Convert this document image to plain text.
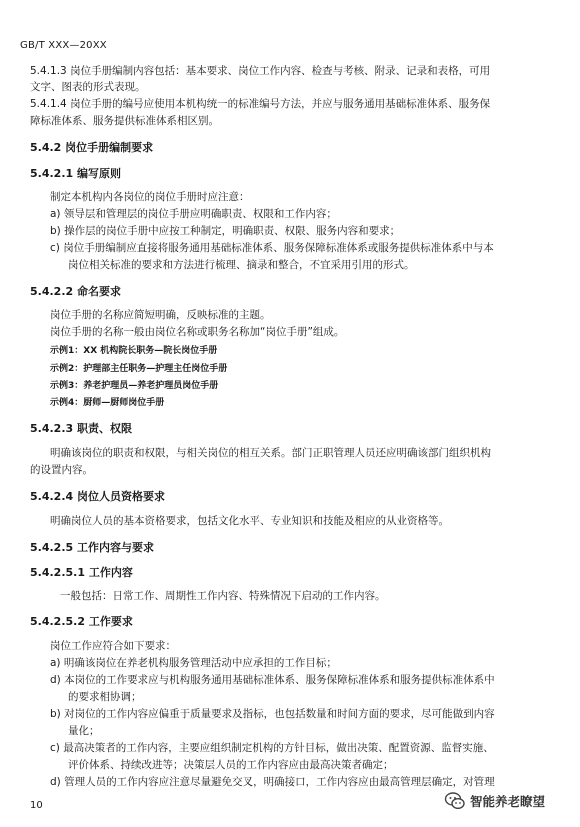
GB/T XXX—20XX
5.4.1.3 岗位手册编制内容包括：基本要求、岗位工作内容、检查与考核、附录、记录和表格，可用
文字、图表的形式表现。
5.4.1.4 岗位手册的编号应使用本机构统一的标准编号方法，并应与服务通用基础标准体系、服务保
障标准体系、服务提供标准体系相区别。
5.4.2 岗位手册编制要求
5.4.2.1 编写原则
制定本机构内各岗位的岗位手册时应注意：
a) 领导层和管理层的岗位手册应明确职责、权限和工作内容；
b) 操作层的岗位手册中应按工种制定，明确职责、权限、服务内容和要求；
c) 岗位手册编制应直接将服务通用基础标准体系、服务保障标准体系或服务提供标准体系中与本
岗位相关标准的要求和方法进行梳理、摘录和整合，不宜采用引用的形式。
5.4.2.2 命名要求
岗位手册的名称应简短明确，反映标准的主题。
岗位手册的名称一般由岗位名称或职务名称加“岗位手册”组成。
示例1：XX 机构院长职务—院长岗位手册
示例2：护理部主任职务—护理主任岗位手册
示例3：养老护理员—养老护理员岗位手册
示例4：厨师—厨师岗位手册
5.4.2.3 职责、权限
明确该岗位的职责和权限，与相关岗位的相互关系。部门正职管理人员还应明确该部门组织机构
的设置内容。
5.4.2.4 岗位人员资格要求
明确岗位人员的基本资格要求，包括文化水平、专业知识和技能及相应的从业资格等。
5.4.2.5 工作内容与要求
5.4.2.5.1 工作内容
一般包括：日常工作、周期性工作内容、特殊情况下启动的工作内容。
5.4.2.5.2 工作要求
岗位工作应符合如下要求：
a) 明确该岗位在养老机构服务管理活动中应承担的工作目标；
d) 本岗位的工作要求应与机构服务通用基础标准体系、服务保障标准体系和服务提供标准体系中
的要求相协调；
b) 对岗位的工作内容应偏重于质量要求及指标，也包括数量和时间方面的要求，尽可能做到内容
量化；
c) 最高决策者的工作内容，主要应组织制定机构的方针目标，做出决策、配置资源、监督实施、
评价体系、持续改进等；决策层人员的工作内容应由最高决策者确定；
d) 管理人员的工作内容应注意尽量避免交叉，明确接口，工作内容应由最高管理层确定，对管理
10	智能养老瞭望
